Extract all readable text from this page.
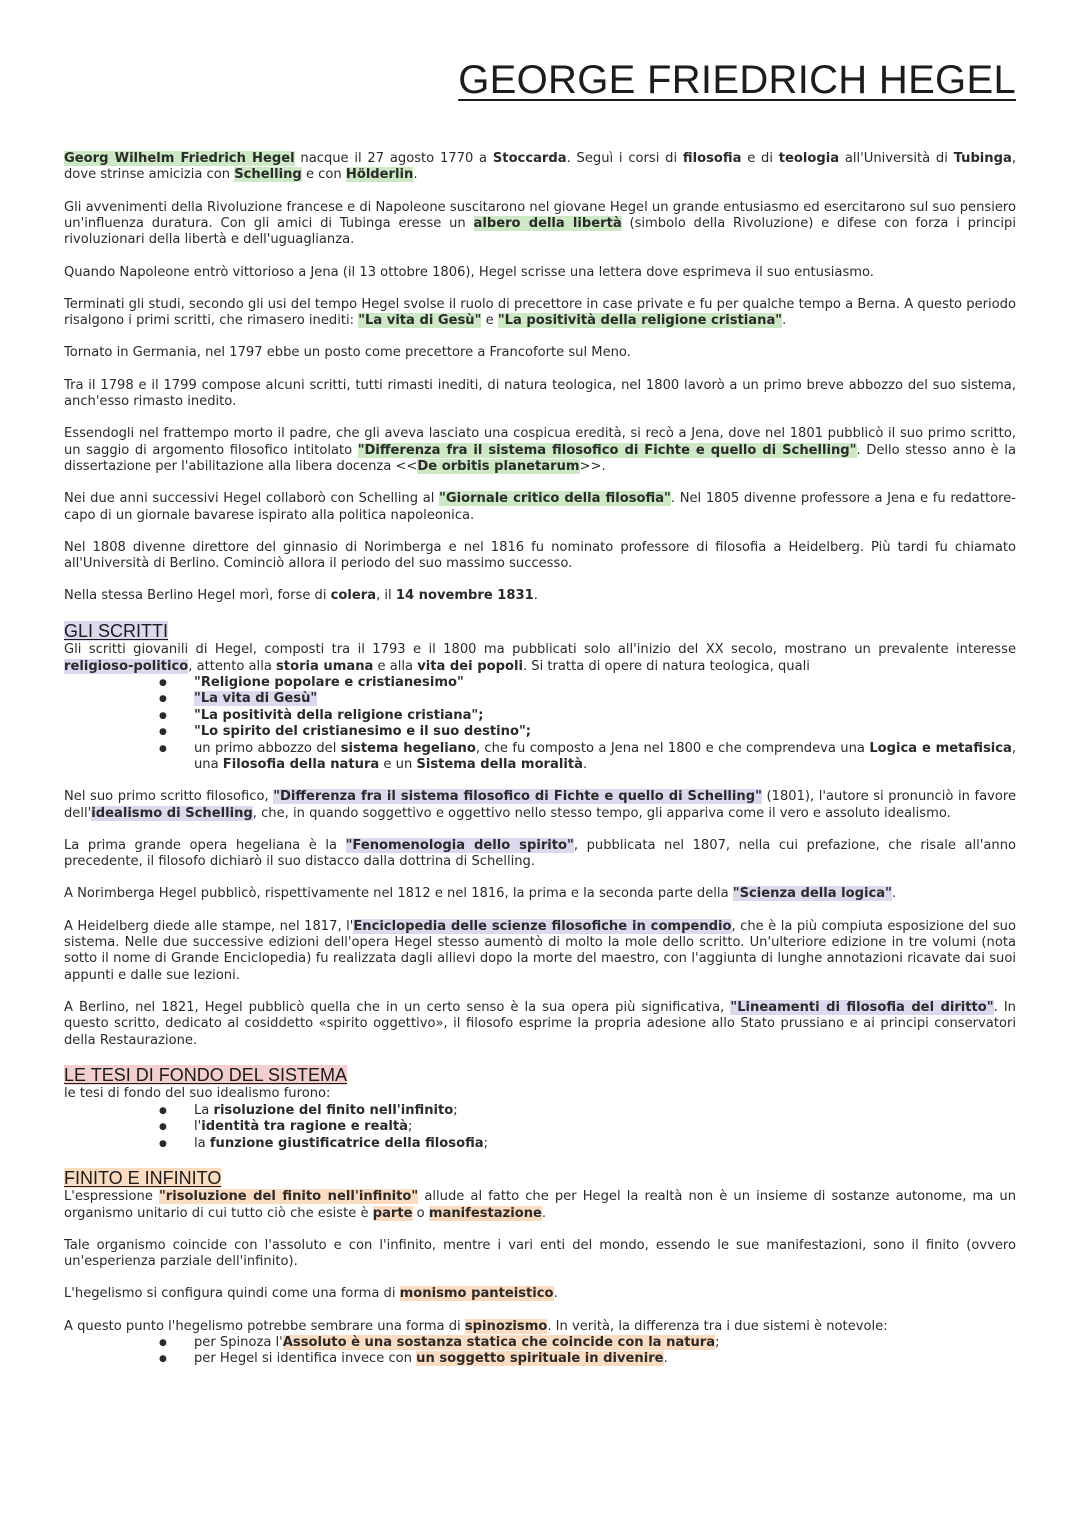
GEORGE FRIEDRICH HEGEL

Georg Wilhelm Friedrich Hegel nacque il 27 agosto 1770 a Stoccarda. Seguì i corsi di filosofia e di teologia all'Università di Tubinga, dove strinse amicizia con Schelling e con Hölderlin.

Gli avvenimenti della Rivoluzione francese e di Napoleone suscitarono nel giovane Hegel un grande entusiasmo ed esercitarono sul suo pensiero un'influenza duratura. Con gli amici di Tubinga eresse un albero della libertà (simbolo della Rivoluzione) e difese con forza i principi rivoluzionari della libertà e dell'uguaglianza.

Quando Napoleone entrò vittorioso a Jena (il 13 ottobre 1806), Hegel scrisse una lettera dove esprimeva il suo entusiasmo.

Terminati gli studi, secondo gli usi del tempo Hegel svolse il ruolo di precettore in case private e fu per qualche tempo a Berna. A questo periodo risalgono i primi scritti, che rimasero inediti: "La vita di Gesù" e "La positività della religione cristiana".

Tornato in Germania, nel 1797 ebbe un posto come precettore a Francoforte sul Meno.

Tra il 1798 e il 1799 compose alcuni scritti, tutti rimasti inediti, di natura teologica, nel 1800 lavorò a un primo breve abbozzo del suo sistema, anch'esso rimasto inedito.

Essendogli nel frattempo morto il padre, che gli aveva lasciato una cospicua eredità, si recò a Jena, dove nel 1801 pubblicò il suo primo scritto, un saggio di argomento filosofico intitolato "Differenza fra il sistema filosofico di Fichte e quello di Schelling". Dello stesso anno è la dissertazione per l'abilitazione alla libera docenza <<De orbitis planetarum>>.

Nei due anni successivi Hegel collaborò con Schelling al "Giornale critico della filosofia". Nel 1805 divenne professore a Jena e fu redattore-capo di un giornale bavarese ispirato alla politica napoleonica.

Nel 1808 divenne direttore del ginnasio di Norimberga e nel 1816 fu nominato professore di filosofia a Heidelberg. Più tardi fu chiamato all'Università di Berlino. Cominciò allora il periodo del suo massimo successo.

Nella stessa Berlino Hegel morì, forse di colera, il 14 novembre 1831.

GLI SCRITTI

Gli scritti giovanili di Hegel, composti tra il 1793 e il 1800 ma pubblicati solo all'inizio del XX secolo, mostrano un prevalente interesse religioso-politico, attento alla storia umana e alla vita dei popoli. Si tratta di opere di natura teologica, quali

● "Religione popolare e cristianesimo"
● "La vita di Gesù"
● "La positività della religione cristiana";
● "Lo spirito del cristianesimo e il suo destino";
● un primo abbozzo del sistema hegeliano, che fu composto a Jena nel 1800 e che comprendeva una Logica e metafisica, una Filosofia della natura e un Sistema della moralità.

Nel suo primo scritto filosofico, "Differenza fra il sistema filosofico di Fichte e quello di Schelling" (1801), l'autore si pronunciò in favore dell'idealismo di Schelling, che, in quando soggettivo e oggettivo nello stesso tempo, gli appariva come il vero e assoluto idealismo.

La prima grande opera hegeliana è la "Fenomenologia dello spirito", pubblicata nel 1807, nella cui prefazione, che risale all'anno precedente, il filosofo dichiarò il suo distacco dalla dottrina di Schelling.

A Norimberga Hegel pubblicò, rispettivamente nel 1812 e nel 1816, la prima e la seconda parte della "Scienza della logica".

A Heidelberg diede alle stampe, nel 1817, l'Enciclopedia delle scienze filosofiche in compendio, che è la più compiuta esposizione del suo sistema. Nelle due successive edizioni dell'opera Hegel stesso aumentò di molto la mole dello scritto. Un'ulteriore edizione in tre volumi (nota sotto il nome di Grande Enciclopedia) fu realizzata dagli allievi dopo la morte del maestro, con l'aggiunta di lunghe annotazioni ricavate dai suoi appunti e dalle sue lezioni.

A Berlino, nel 1821, Hegel pubblicò quella che in un certo senso è la sua opera più significativa, "Lineamenti di filosofia del diritto". In questo scritto, dedicato al cosiddetto «spirito oggettivo», il filosofo esprime la propria adesione allo Stato prussiano e ai principi conservatori della Restaurazione.

LE TESI DI FONDO DEL SISTEMA

le tesi di fondo del suo idealismo furono:

● La risoluzione del finito nell'infinito;
● l'identità tra ragione e realtà;
● la funzione giustificatrice della filosofia;
FINITO E INFINITO

L'espressione "risoluzione del finito nell'infinito" allude al fatto che per Hegel la realtà non è un insieme di sostanze autonome, ma un organismo unitario di cui tutto ciò che esiste è parte o manifestazione.

Tale organismo coincide con l'assoluto e con l'infinito, mentre i vari enti del mondo, essendo le sue manifestazioni, sono il finito (ovvero un'esperienza parziale dell'infinito).

L'hegelismo si configura quindi come una forma di monismo panteistico.

A questo punto l'hegelismo potrebbe sembrare una forma di spinozismo. In verità, la differenza tra i due sistemi è notevole:

● per Spinoza l'Assoluto è una sostanza statica che coincide con la natura;
● per Hegel si identifica invece con un soggetto spirituale in divenire.
